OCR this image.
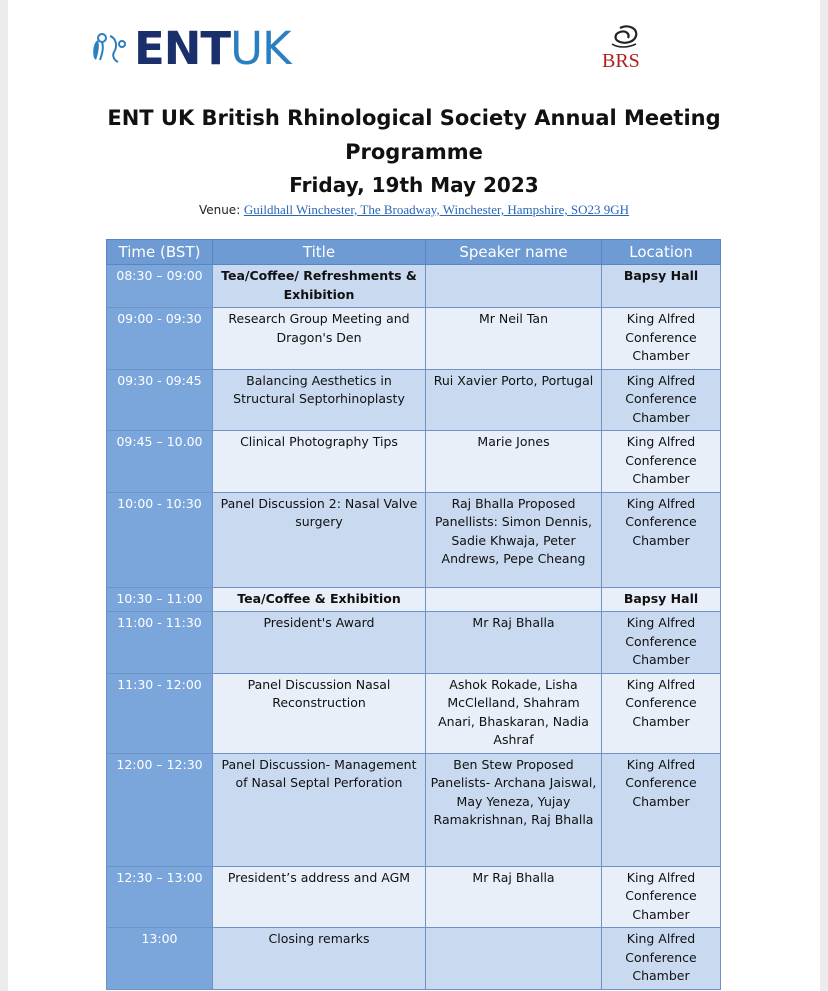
ENT UK	BRS
ENT UK British Rhinological Society Annual Meeting
Programme
Friday, 19th May 2023
Venue: Guildhall Winchester, The Broadway, Winchester, Hampshire, SO23 9GH
Time (BST)	Title	Speaker name	Location
08:30 – 09:00	Tea/Coffee/ Refreshments & Exhibition		Bapsy Hall
09:00 - 09:30	Research Group Meeting and Dragon's Den	Mr Neil Tan	King Alfred Conference Chamber
09:30 - 09:45	Balancing Aesthetics in Structural Septorhinoplasty	Rui Xavier Porto, Portugal	King Alfred Conference Chamber
09:45 – 10.00	Clinical Photography Tips	Marie Jones	King Alfred Conference Chamber
10:00 - 10:30	Panel Discussion 2: Nasal Valve surgery	Raj Bhalla Proposed Panellists: Simon Dennis, Sadie Khwaja, Peter Andrews, Pepe Cheang	King Alfred Conference Chamber
10:30 – 11:00	Tea/Coffee & Exhibition		Bapsy Hall
11:00 - 11:30	President's Award	Mr Raj Bhalla	King Alfred Conference Chamber
11:30 - 12:00	Panel Discussion Nasal Reconstruction	Ashok Rokade, Lisha McClelland, Shahram Anari, Bhaskaran, Nadia Ashraf	King Alfred Conference Chamber
12:00 – 12:30	Panel Discussion- Management of Nasal Septal Perforation	Ben Stew Proposed Panelists- Archana Jaiswal, May Yeneza, Yujay Ramakrishnan, Raj Bhalla	King Alfred Conference Chamber
12:30 – 13:00	President’s address and AGM	Mr Raj Bhalla	King Alfred Conference Chamber
13:00	Closing remarks		King Alfred Conference Chamber
